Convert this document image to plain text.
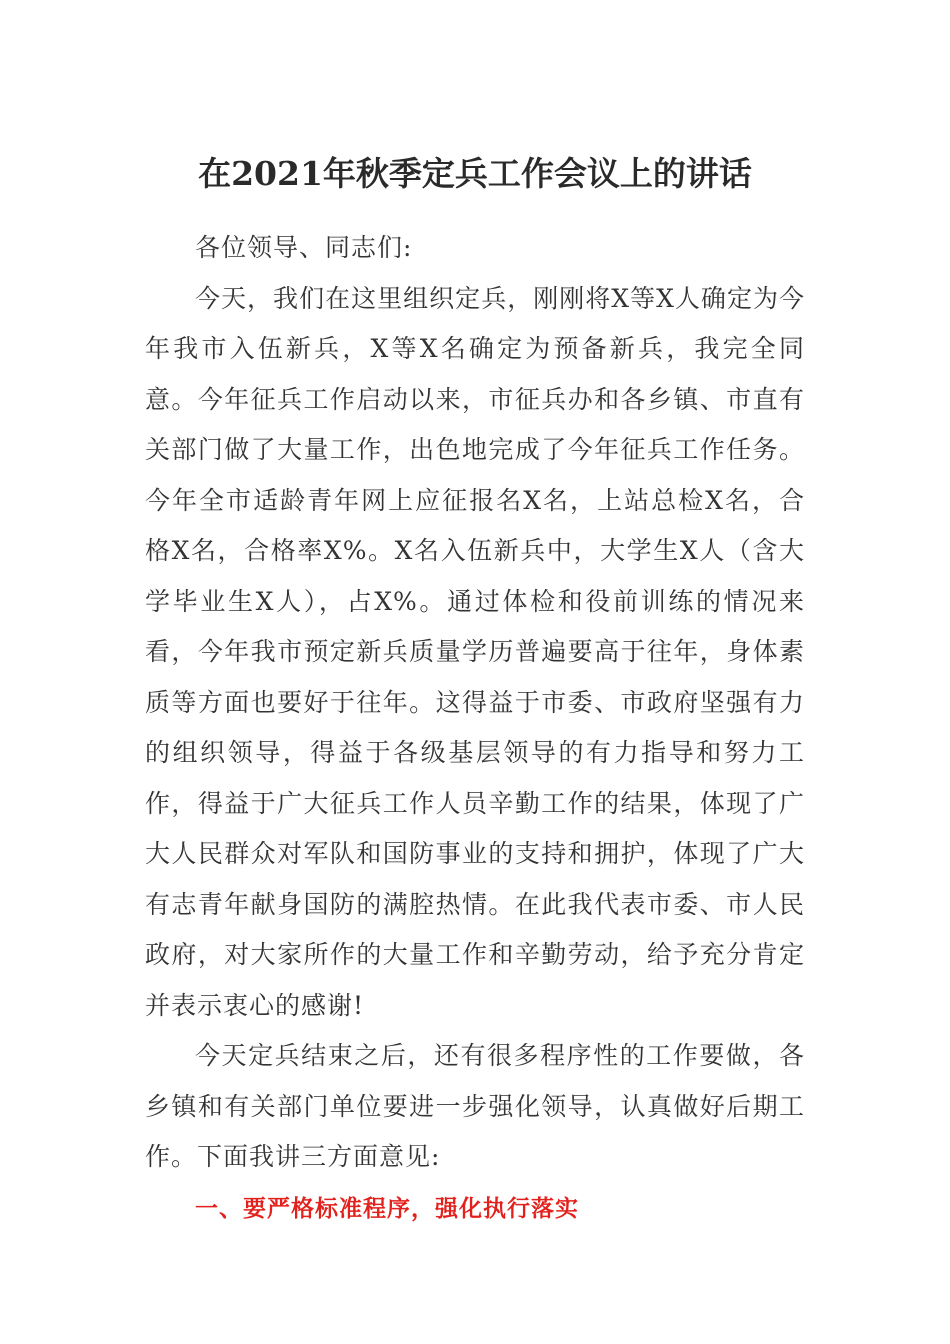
在2021年秋季定兵工作会议上的讲话

各位领导、同志们:

今天，我们在这里组织定兵，刚刚将X等X人确定为今年我市入伍新兵，X等X名确定为预备新兵，我完全同意。今年征兵工作启动以来，市征兵办和各乡镇、市直有关部门做了大量工作，出色地完成了今年征兵工作任务。今年全市适龄青年网上应征报名X名，上站总检X名，合格X名，合格率X%。X名入伍新兵中，大学生X人（含大学毕业生X人），占X%。通过体检和役前训练的情况来看，今年我市预定新兵质量学历普遍要高于往年，身体素质等方面也要好于往年。这得益于市委、市政府坚强有力的组织领导，得益于各级基层领导的有力指导和努力工作，得益于广大征兵工作人员辛勤工作的结果，体现了广大人民群众对军队和国防事业的支持和拥护，体现了广大有志青年献身国防的满腔热情。在此我代表市委、市人民政府，对大家所作的大量工作和辛勤劳动，给予充分肯定并表示衷心的感谢!

今天定兵结束之后，还有很多程序性的工作要做，各乡镇和有关部门单位要进一步强化领导，认真做好后期工作。下面我讲三方面意见:

一、要严格标准程序，强化执行落实
